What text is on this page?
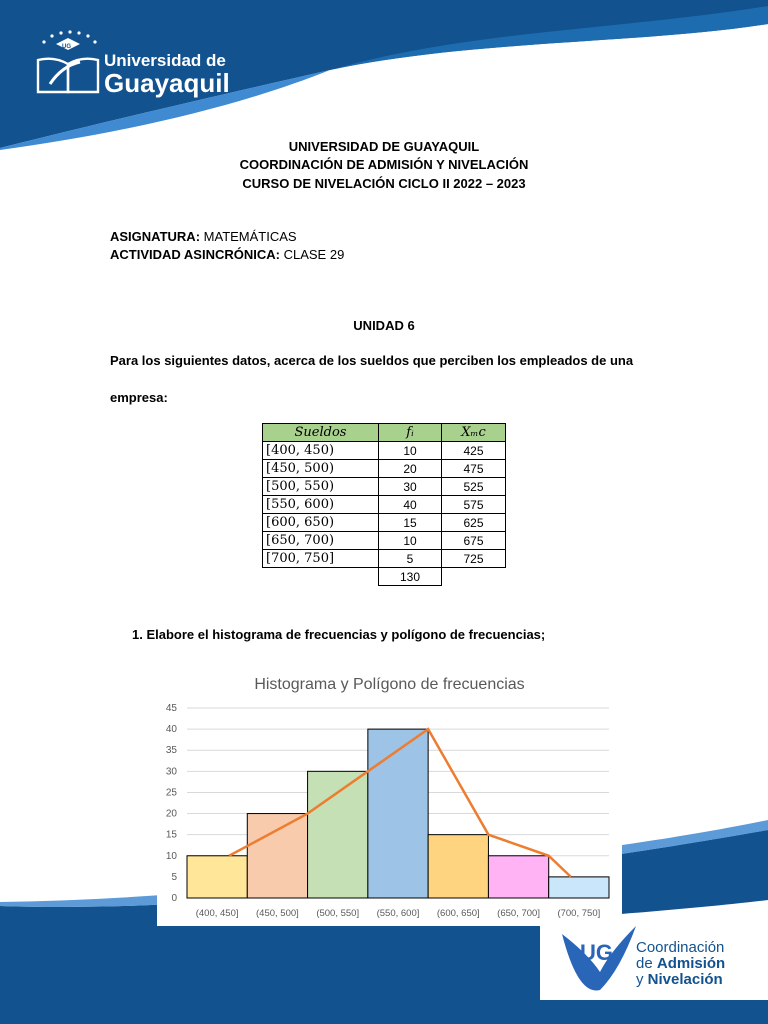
UG
Universidad de
Guayaquil
UNIVERSIDAD DE GUAYAQUIL
COORDINACIÓN DE ADMISIÓN Y NIVELACIÓN
CURSO DE NIVELACIÓN CICLO II 2022 – 2023
ASIGNATURA: MATEMÁTICAS
ACTIVIDAD ASINCRÓNICA: CLASE 29
UNIDAD 6
Para los siguientes datos, acerca de los sueldos que perciben los empleados de una
empresa:
Sueldos	fᵢ	Xₘc
[400, 450)	10	425
[450, 500)	20	475
[500, 550)	30	525
[550, 600)	40	575
[600, 650)	15	625
[650, 700)	10	675
[700, 750]	5	725
	130	
1. Elabore el histograma de frecuencias y polígono de frecuencias;
UG Coordinación
de Admisión
y Nivelación
Histograma y Polígono de frecuencias
0
5
10
15
20
25
30
35
40
45
(400, 450] (450, 500] (500, 550] (550, 600] (600, 650] (650, 700] (700, 750]
